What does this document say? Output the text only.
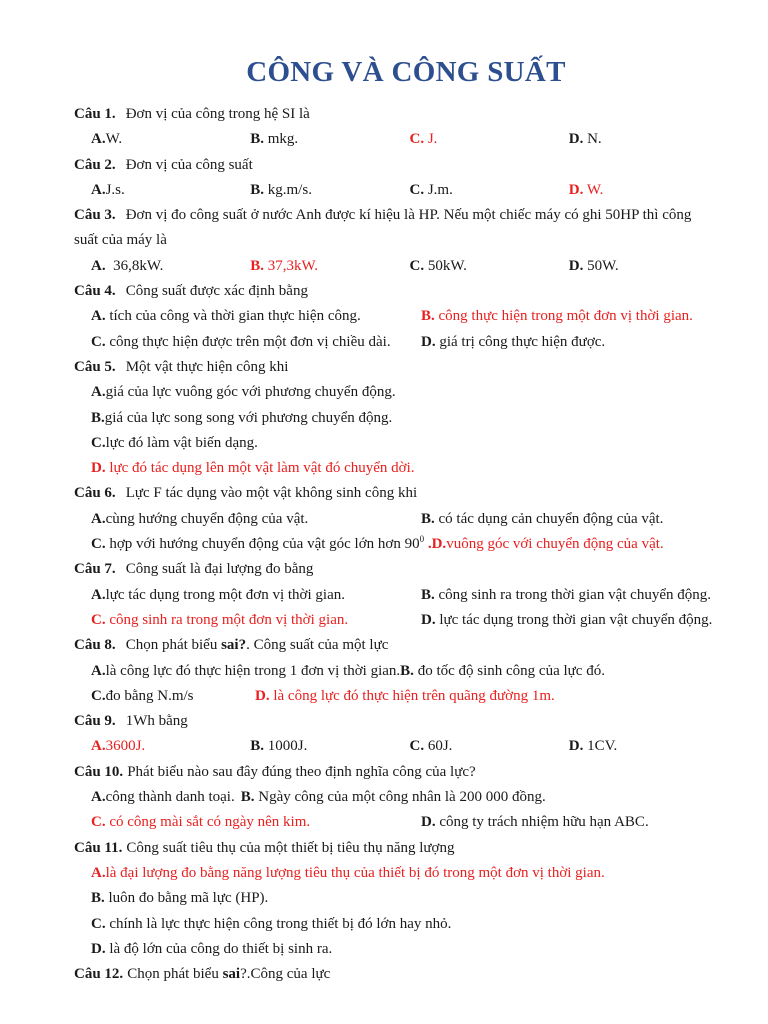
CÔNG VÀ CÔNG SUẤT
Câu 1. Đơn vị của công trong hệ SI là
A.W.	B. mkg.	C. J.	D. N.
Câu 2. Đơn vị của công suất
A.J.s.	B. kg.m/s.	C. J.m.	D. W.
Câu 3. Đơn vị đo công suất ở nước Anh được kí hiệu là HP. Nếu một chiếc máy có ghi 50HP thì công
suất của máy là
A.  36,8kW.	B. 37,3kW.	C. 50kW.	D. 50W.
Câu 4. Công suất được xác định bằng
A. tích của công và thời gian thực hiện công.	B. công thực hiện trong một đơn vị thời gian.
C. công thực hiện được trên một đơn vị chiều dài.	D. giá trị công thực hiện được.
Câu 5. Một vật thực hiện công khi
A.giá của lực vuông góc với phương chuyển động.
B.giá của lực song song với phương chuyển động.
C.lực đó làm vật biến dạng.
D. lực đó tác dụng lên một vật làm vật đó chuyển dời.
Câu 6. Lực F tác dụng vào một vật không sinh công khi
A.cùng hướng chuyển động của vật.	B. có tác dụng cản chuyển động của vật.
C. hợp với hướng chuyển động của vật góc lớn hơn $90^0$ .D.vuông góc với chuyển động của vật.
Câu 7. Công suất là đại lượng đo bằng
A.lực tác dụng trong một đơn vị thời gian.	B. công sinh ra trong thời gian vật chuyển động.
C. công sinh ra trong một đơn vị thời gian.	D. lực tác dụng trong thời gian vật chuyển động.
Câu 8. Chọn phát biểu sai?. Công suất của một lực
A.là công lực đó thực hiện trong 1 đơn vị thời gian.B. đo tốc độ sinh công của lực đó.
C.đo bằng N.m/s	D. là công lực đó thực hiện trên quãng đường 1m.
Câu 9. 1Wh bằng
A.3600J.	B. 1000J.	C. 60J.	D. 1CV.
Câu 10. Phát biểu nào sau đây đúng theo định nghĩa công của lực?
A.công thành danh toại. B. Ngày công của một công nhân là 200 000 đồng.
C. có công mài sắt có ngày nên kim.	D. công ty trách nhiệm hữu hạn ABC.
Câu 11. Công suất tiêu thụ của một thiết bị tiêu thụ năng lượng
A.là đại lượng đo bằng năng lượng tiêu thụ của thiết bị đó trong một đơn vị thời gian.
B. luôn đo bằng mã lực (HP).
C. chính là lực thực hiện công trong thiết bị đó lớn hay nhỏ.
D. là độ lớn của công do thiết bị sinh ra.
Câu 12. Chọn phát biểu sai?.Công của lực
